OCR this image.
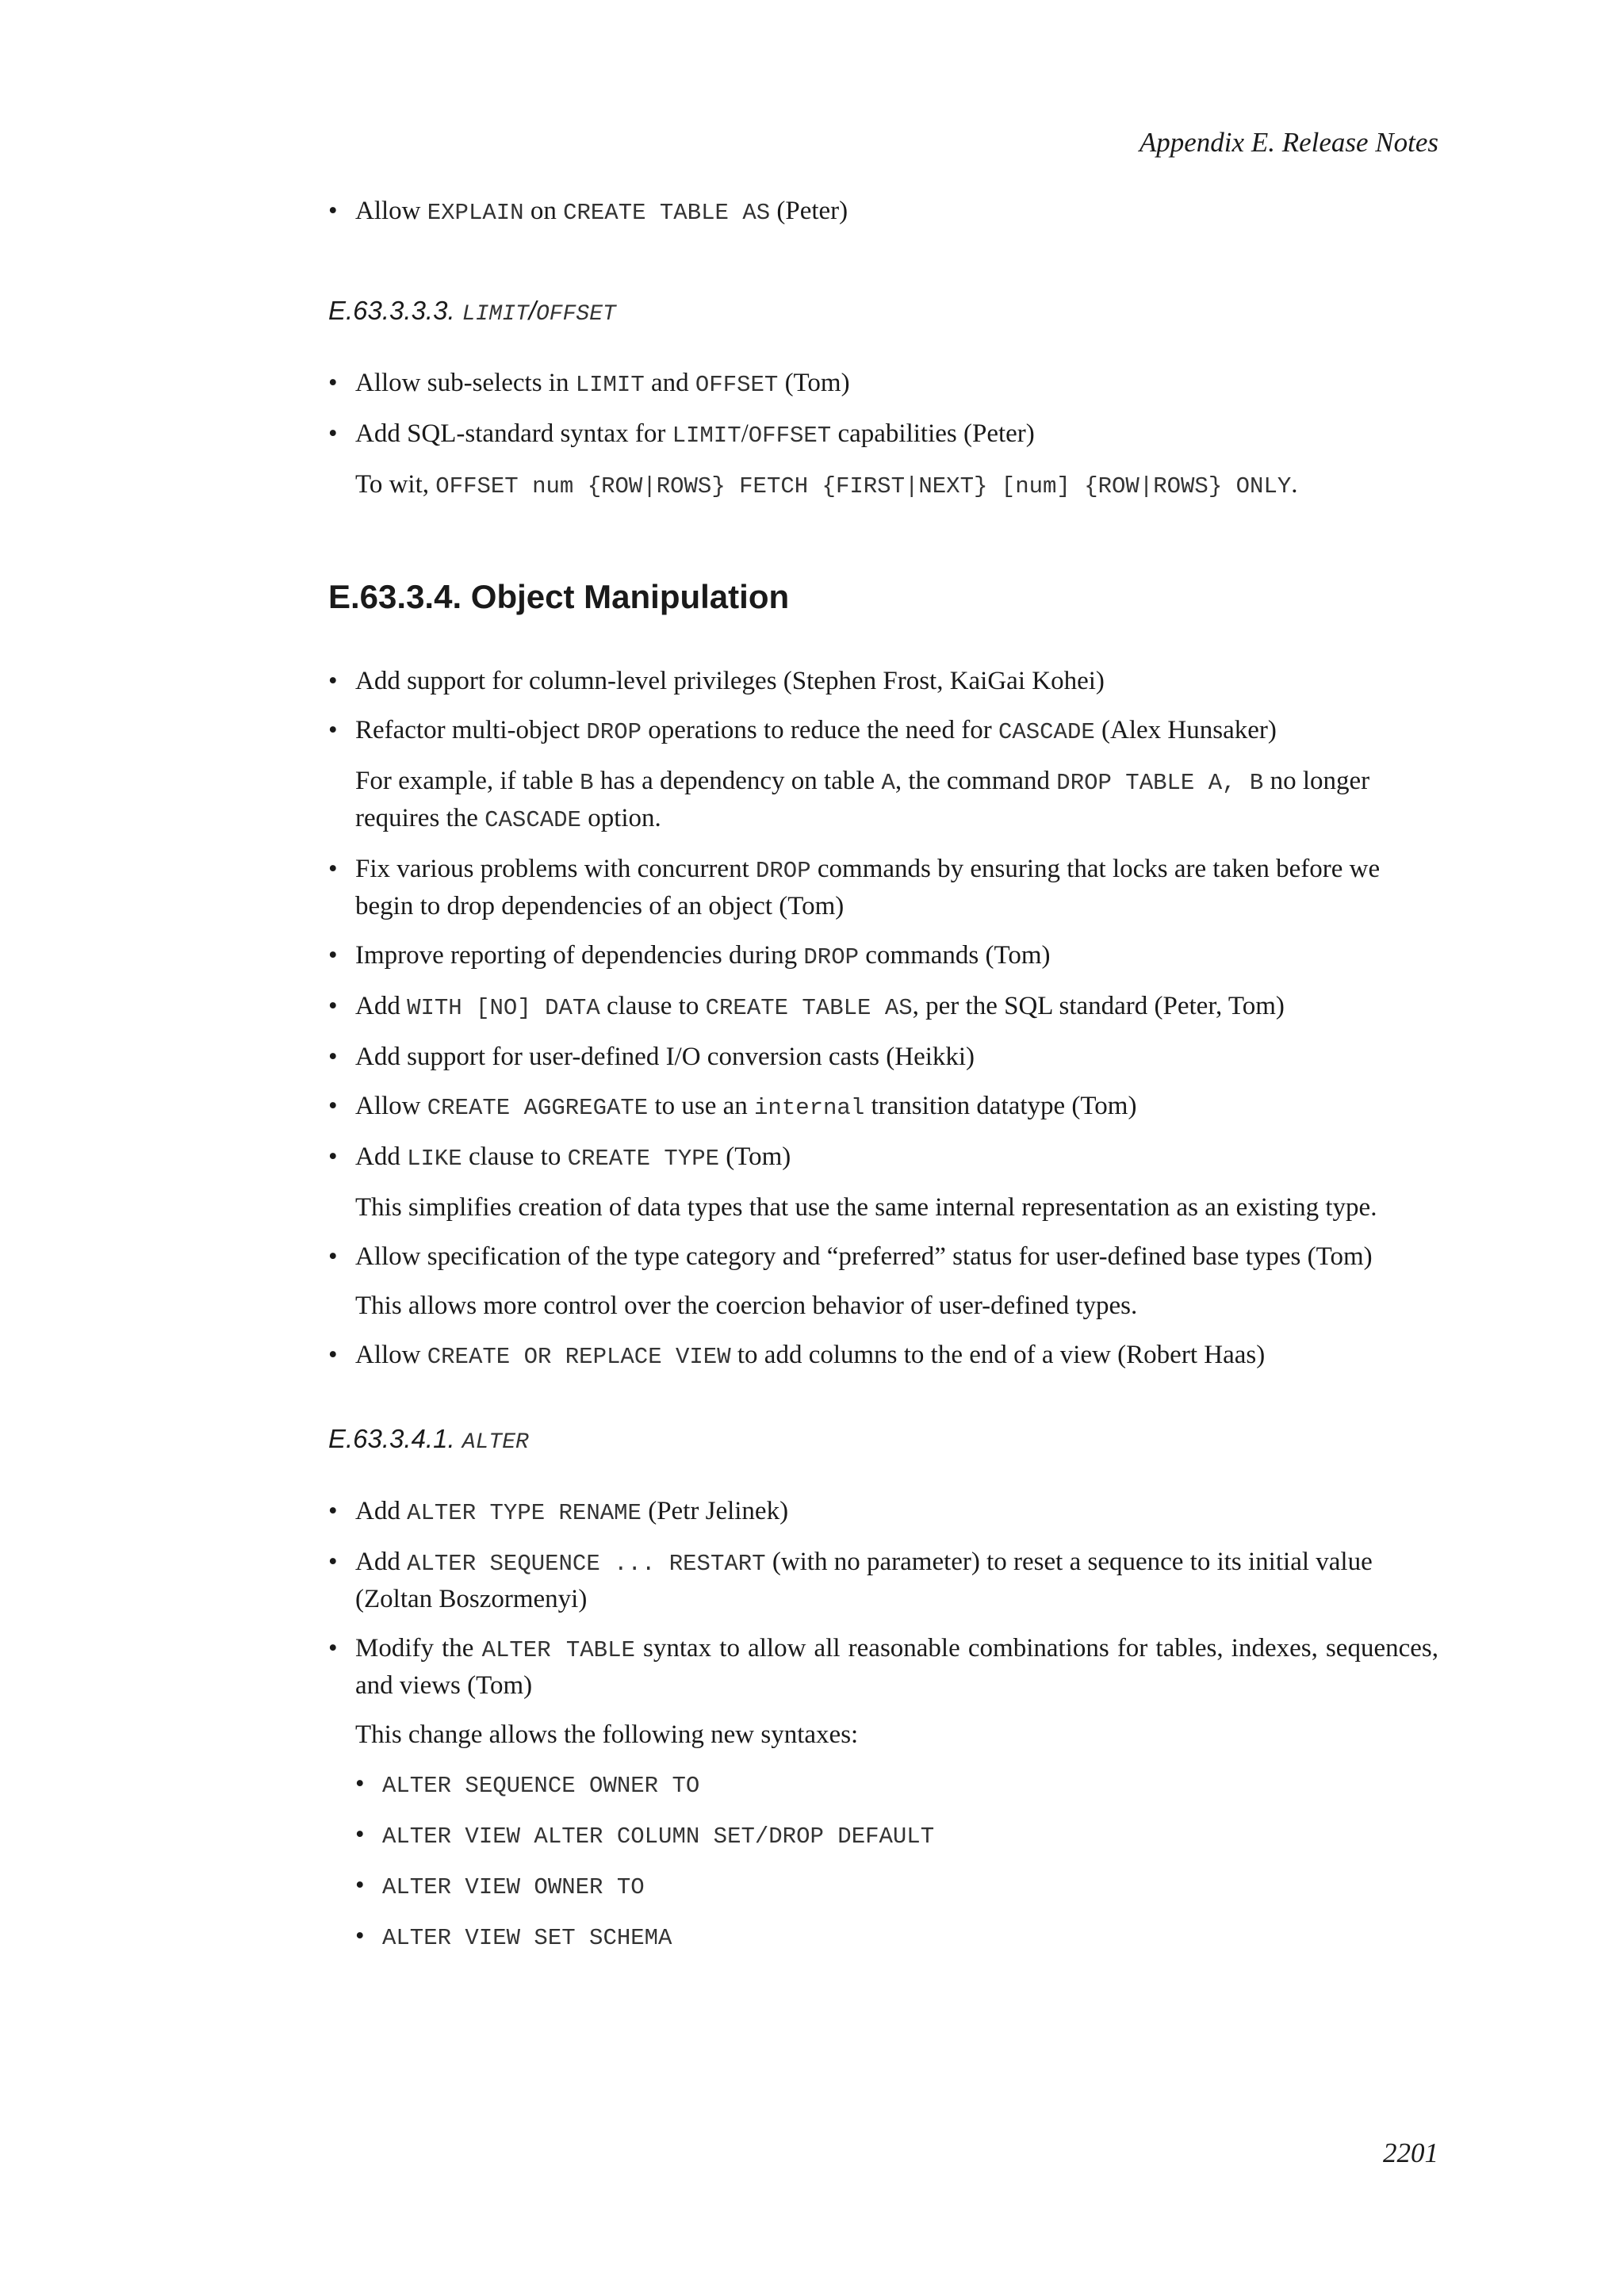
Appendix E. Release Notes
• Allow EXPLAIN on CREATE TABLE AS (Peter)
E.63.3.3.3. LIMIT/OFFSET
• Allow sub-selects in LIMIT and OFFSET (Tom)
• Add SQL-standard syntax for LIMIT/OFFSET capabilities (Peter)
To wit, OFFSET num {ROW|ROWS} FETCH {FIRST|NEXT} [num] {ROW|ROWS} ONLY.
E.63.3.4. Object Manipulation
• Add support for column-level privileges (Stephen Frost, KaiGai Kohei)
• Refactor multi-object DROP operations to reduce the need for CASCADE (Alex Hunsaker)
For example, if table B has a dependency on table A, the command DROP TABLE A, B no longer requires the CASCADE option.
• Fix various problems with concurrent DROP commands by ensuring that locks are taken before we begin to drop dependencies of an object (Tom)
• Improve reporting of dependencies during DROP commands (Tom)
• Add WITH [NO] DATA clause to CREATE TABLE AS, per the SQL standard (Peter, Tom)
• Add support for user-defined I/O conversion casts (Heikki)
• Allow CREATE AGGREGATE to use an internal transition datatype (Tom)
• Add LIKE clause to CREATE TYPE (Tom)
This simplifies creation of data types that use the same internal representation as an existing type.
• Allow specification of the type category and “preferred” status for user-defined base types (Tom)
This allows more control over the coercion behavior of user-defined types.
• Allow CREATE OR REPLACE VIEW to add columns to the end of a view (Robert Haas)
E.63.3.4.1. ALTER
• Add ALTER TYPE RENAME (Petr Jelinek)
• Add ALTER SEQUENCE ... RESTART (with no parameter) to reset a sequence to its initial value (Zoltan Boszormenyi)
• Modify the ALTER TABLE syntax to allow all reasonable combinations for tables, indexes, sequences, and views (Tom)
This change allows the following new syntaxes:
• ALTER SEQUENCE OWNER TO
• ALTER VIEW ALTER COLUMN SET/DROP DEFAULT
• ALTER VIEW OWNER TO
• ALTER VIEW SET SCHEMA
2201
